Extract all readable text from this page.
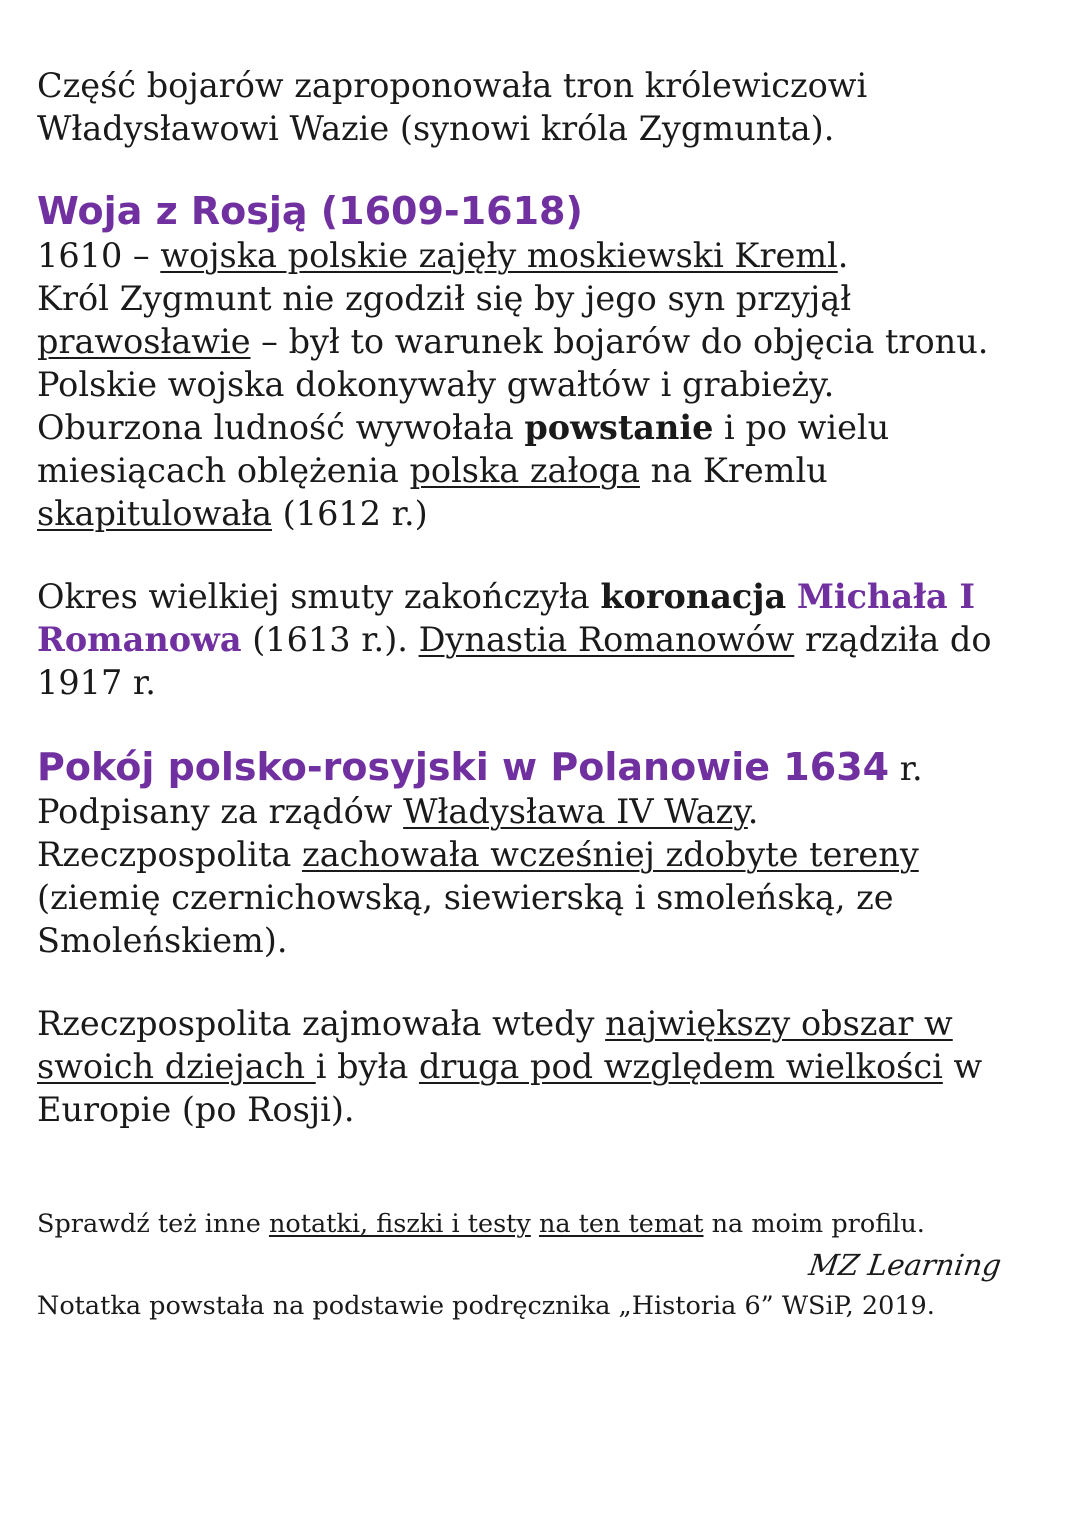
Część bojarów zaproponowała tron królewiczowi

Władysławowi Wazie (synowi króla Zygmunta).

Woja z Rosją (1609-1618)

1610 – wojska polskie zajęły moskiewski Kreml.

Król Zygmunt nie zgodził się by jego syn przyjął

prawosławie – był to warunek bojarów do objęcia tronu.

Polskie wojska dokonywały gwałtów i grabieży.

Oburzona ludność wywołała powstanie i po wielu

miesiącach oblężenia polska załoga na Kremlu

skapitulowała (1612 r.)

Okres wielkiej smuty zakończyła koronacja Michała I

Romanowa (1613 r.). Dynastia Romanowów rządziła do

1917 r.

Pokój polsko-rosyjski w Polanowie 1634 r.

Podpisany za rządów Władysława IV Wazy.

Rzeczpospolita zachowała wcześniej zdobyte tereny

(ziemię czernichowską, siewierską i smoleńską, ze

Smoleńskiem).

Rzeczpospolita zajmowała wtedy największy obszar w

swoich dziejach i była druga pod względem wielkości w

Europie (po Rosji).

Sprawdź też inne notatki, fiszki i testy na ten temat na moim profilu.

MZ Learning

Notatka powstała na podstawie podręcznika „Historia 6” WSiP, 2019.
